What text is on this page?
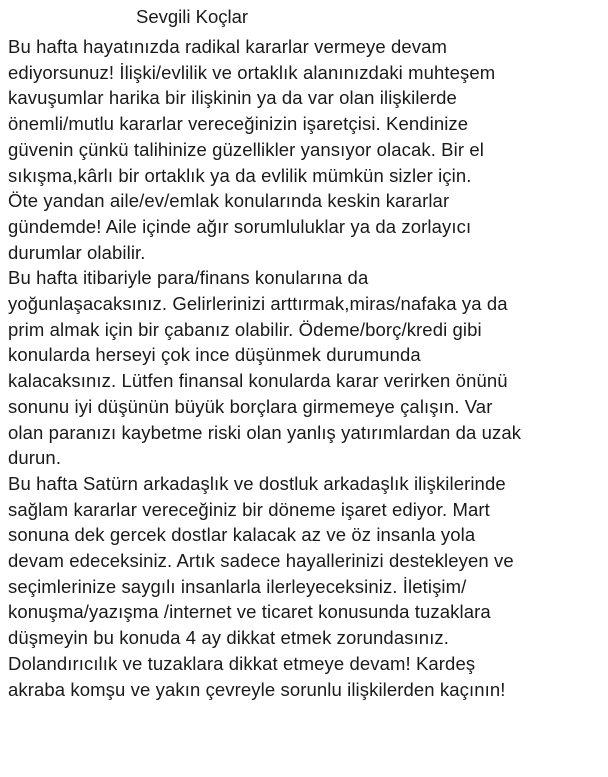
Sevgili Koçlar
Bu hafta hayatınızda radikal kararlar vermeye devam
ediyorsunuz! İlişki/evlilik ve ortaklık alanınızdaki muhteşem
kavuşumlar harika bir ilişkinin ya da var olan ilişkilerde
önemli/mutlu kararlar vereceğinizin işaretçisi. Kendinize
güvenin çünkü talihinize güzellikler yansıyor olacak. Bir el
sıkışma,kârlı bir ortaklık ya da evlilik mümkün sizler için.
Öte yandan aile/ev/emlak konularında keskin kararlar
gündemde! Aile içinde ağır sorumluluklar ya da zorlayıcı
durumlar olabilir.
Bu hafta itibariyle para/finans konularına da
yoğunlaşacaksınız. Gelirlerinizi arttırmak,miras/nafaka ya da
prim almak için bir çabanız olabilir. Ödeme/borç/kredi gibi
konularda herseyi çok ince düşünmek durumunda
kalacaksınız. Lütfen finansal konularda karar verirken önünü
sonunu iyi düşünün büyük borçlara girmemeye çalışın. Var
olan paranızı kaybetme riski olan yanlış yatırımlardan da uzak
durun.
Bu hafta Satürn arkadaşlık ve dostluk arkadaşlık ilişkilerinde
sağlam kararlar vereceğiniz bir döneme işaret ediyor. Mart
sonuna dek gercek dostlar kalacak az ve öz insanla yola
devam edeceksiniz. Artık sadece hayallerinizi destekleyen ve
seçimlerinize saygılı insanlarla ilerleyeceksiniz. İletişim/
konuşma/yazışma /internet ve ticaret konusunda tuzaklara
düşmeyin bu konuda 4 ay dikkat etmek zorundasınız.
Dolandırıcılık ve tuzaklara dikkat etmeye devam! Kardeş
akraba komşu ve yakın çevreyle sorunlu ilişkilerden kaçının!
